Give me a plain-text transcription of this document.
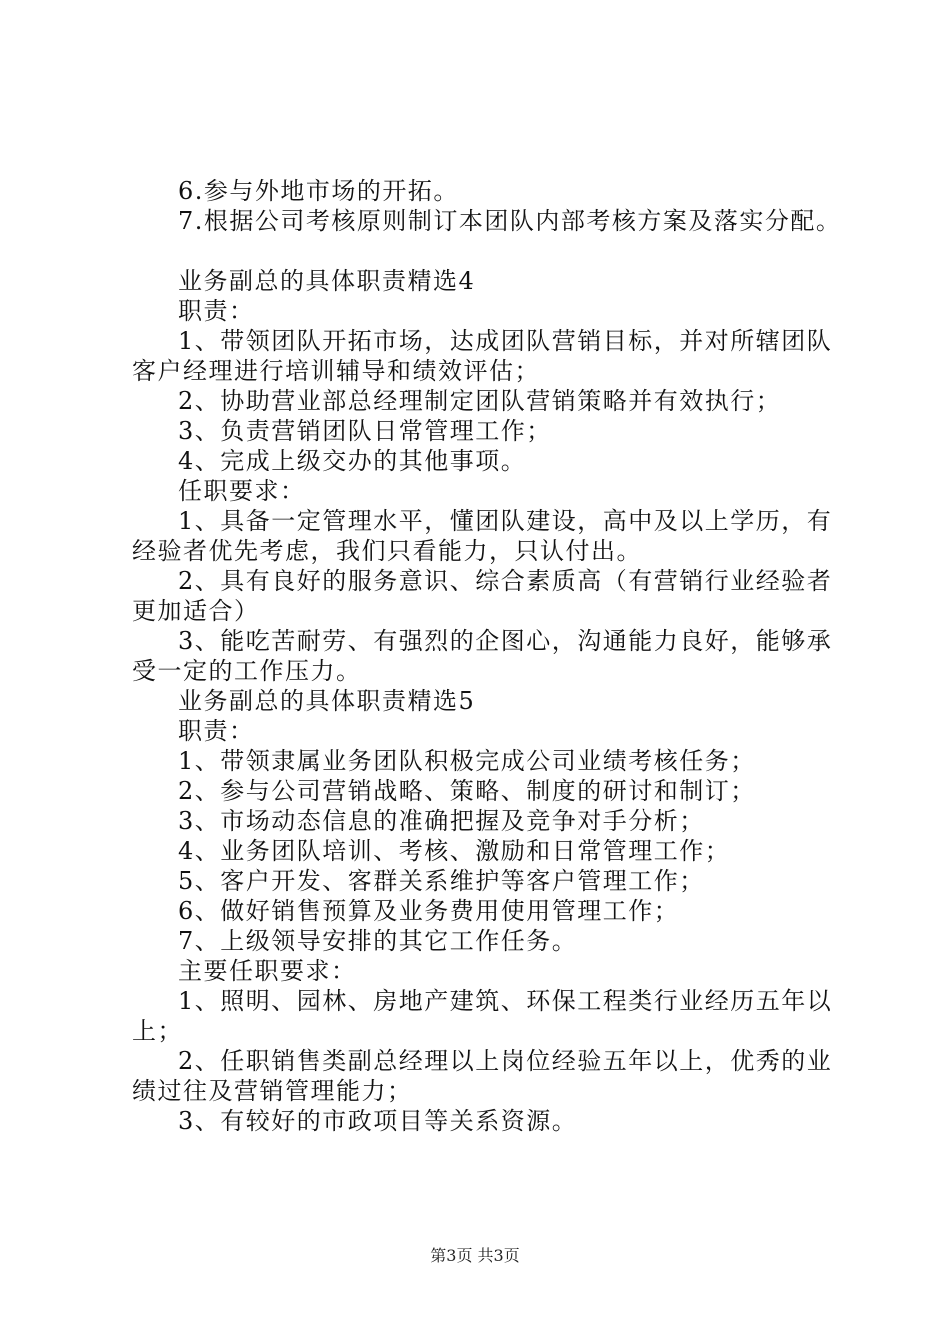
6.参与外地市场的开拓。
7.根据公司考核原则制订本团队内部考核方案及落实分配。
业务副总的具体职责精选4
职责：
1、带领团队开拓市场，达成团队营销目标，并对所辖团队
客户经理进行培训辅导和绩效评估；
2、协助营业部总经理制定团队营销策略并有效执行；
3、负责营销团队日常管理工作；
4、完成上级交办的其他事项。
任职要求：
1、具备一定管理水平，懂团队建设，高中及以上学历，有
经验者优先考虑，我们只看能力，只认付出。
2、具有良好的服务意识、综合素质高（有营销行业经验者
更加适合）
3、能吃苦耐劳、有强烈的企图心，沟通能力良好，能够承
受一定的工作压力。
业务副总的具体职责精选5
职责：
1、带领隶属业务团队积极完成公司业绩考核任务；
2、参与公司营销战略、策略、制度的研讨和制订；
3、市场动态信息的准确把握及竞争对手分析；
4、业务团队培训、考核、激励和日常管理工作；
5、客户开发、客群关系维护等客户管理工作；
6、做好销售预算及业务费用使用管理工作；
7、上级领导安排的其它工作任务。
主要任职要求：
1、照明、园林、房地产建筑、环保工程类行业经历五年以
上；
2、任职销售类副总经理以上岗位经验五年以上，优秀的业
绩过往及营销管理能力；
3、有较好的市政项目等关系资源。
第3页 共3页
